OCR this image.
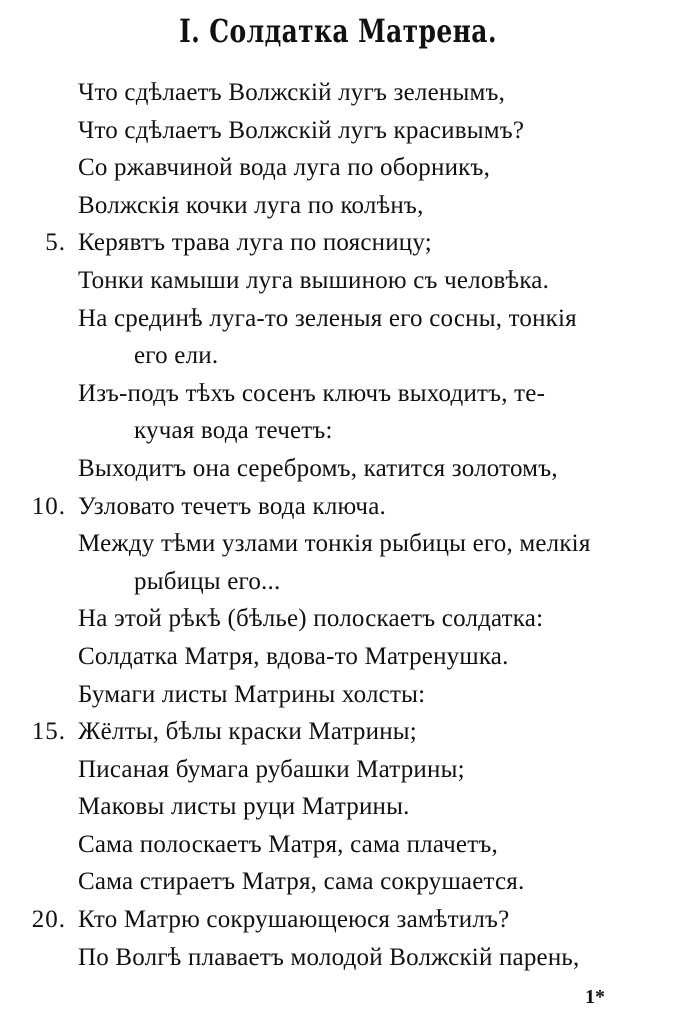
I. Солдатка Матрена.
Что сдѣлаетъ Волжскій лугъ зеленымъ,
Что сдѣлаетъ Волжскій лугъ красивымъ?
Со ржавчиной вода луга по оборникъ,
Волжскія кочки луга по колѣнъ,
5. Керявтъ трава луга по поясницу;
Тонки камыши луга вышиною съ человѣка.
На срединѣ луга-то зеленыя его сосны, тонкія
его ели.
Изъ-подъ тѣхъ сосенъ ключъ выходитъ, те-
кучая вода течетъ:
Выходитъ она серебромъ, катится золотомъ,
10. Узловато течетъ вода ключа.
Между тѣми узлами тонкія рыбицы его, мелкія
рыбицы его...
На этой рѣкѣ (бѣлье) полоскаетъ солдатка:
Солдатка Матря, вдова-то Матренушка.
Бумаги листы Матрины холсты:
15. Жёлты, бѣлы краски Матрины;
Писаная бумага рубашки Матрины;
Маковы листы руци Матрины.
Сама полоскаетъ Матря, сама плачетъ,
Сама стираетъ Матря, сама сокрушается.
20. Кто Матрю сокрушающеюся замѣтилъ?
По Волгѣ плаваетъ молодой Волжскій парень,
1*
